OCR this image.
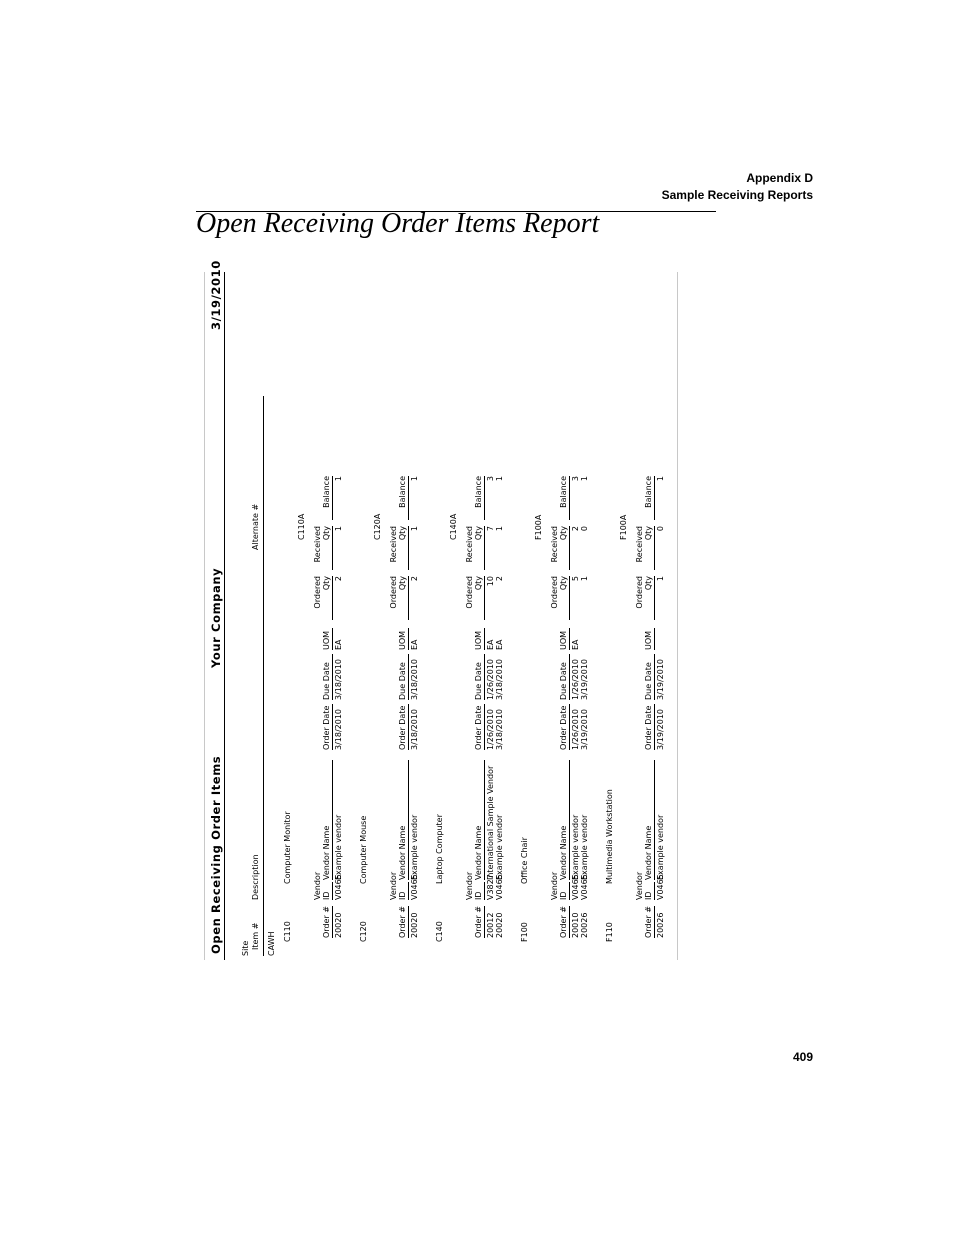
Appendix D
Sample Receiving Reports
Open Receiving Order Items Report
Open Receiving Order Items
Your Company
3/19/2010
Site Item #
Description
Alternate #
CAWH C110
Computer Monitor
C110A
Vendor
Ordered
Received
Order #
ID
Vendor Name
Order Date
Due Date
UOM
Qty
Qty
Balance
20020
V0465
Example vendor
3/18/2010
3/18/2010
EA
2
1
1
C120
Computer Mouse
C120A
Vendor
Ordered
Received
Order #
ID
Vendor Name
Order Date
Due Date
UOM
Qty
Qty
Balance
20020
V0465
Example vendor
3/18/2010
3/18/2010
EA
2
1
1
C140
Laptop Computer
C140A
Vendor
Ordered
Received
Order #
ID
Vendor Name
Order Date
Due Date
UOM
Qty
Qty
Balance
20012
V3827
International Sample Vendor
1/26/2010
1/26/2010
EA
10
7
3
20020
V0465
Example vendor
3/18/2010
3/18/2010
EA
2
1
1
F100
Office Chair
F100A
Vendor
Ordered
Received
Order #
ID
Vendor Name
Order Date
Due Date
UOM
Qty
Qty
Balance
20010
V0465
Example vendor
1/26/2010
1/26/2010
EA
5
2
3
20026
V0465
Example vendor
3/19/2010
3/19/2010
1
0
1
F110
Multimedia Workstation
F100A
Vendor
Ordered
Received
Order #
ID
Vendor Name
Order Date
Due Date
UOM
Qty
Qty
Balance
20026
V0465
Example vendor
3/19/2010
3/19/2010
1
0
1
409
